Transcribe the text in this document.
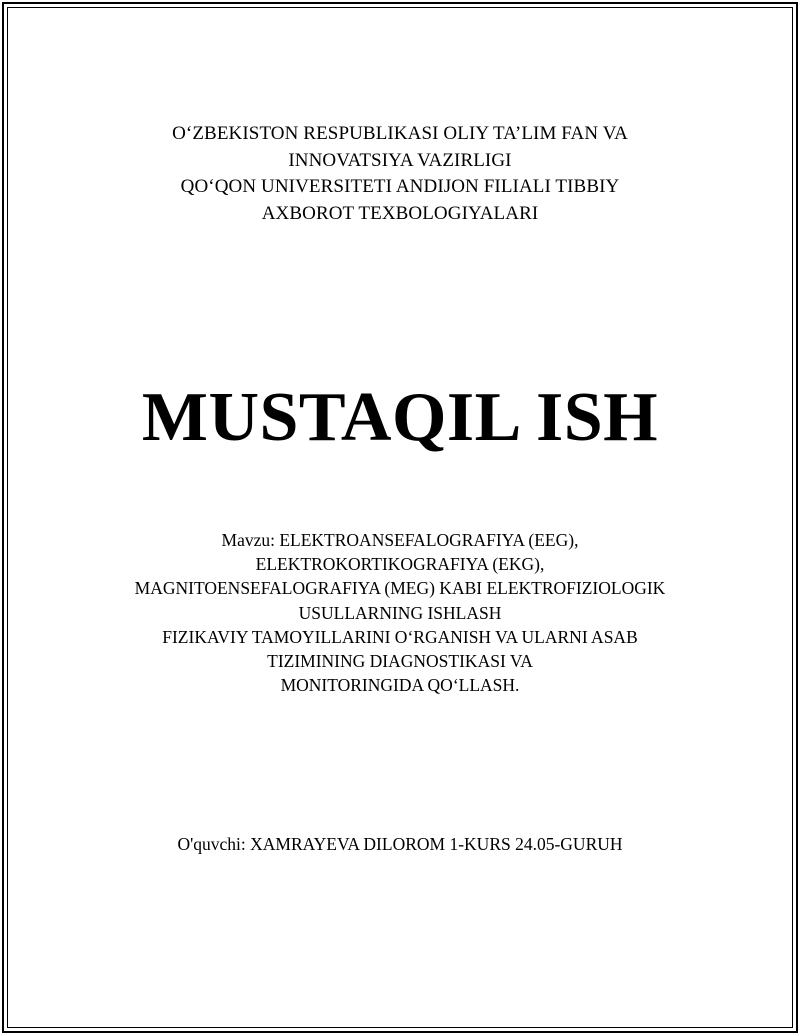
O‘ZBEKISTON RESPUBLIKASI OLIY TA’LIM FAN VA
INNOVATSIYA VAZIRLIGI
QO‘QON UNIVERSITETI ANDIJON FILIALI TIBBIY
AXBOROT TEXBOLOGIYALARI
MUSTAQIL ISH
Mavzu: ELEKTROANSEFALOGRAFIYA (EEG),
ELEKTROKORTIKOGRAFIYA (EKG),
MAGNITOENSEFALOGRAFIYA (MEG) KABI ELEKTROFIZIOLOGIK
USULLARNING ISHLASH
FIZIKAVIY TAMOYILLARINI O‘RGANISH VA ULARNI ASAB
TIZIMINING DIAGNOSTIKASI VA
MONITORINGIDA QO‘LLASH.
O'quvchi: XAMRAYEVA DILOROM 1-KURS 24.05-GURUH
